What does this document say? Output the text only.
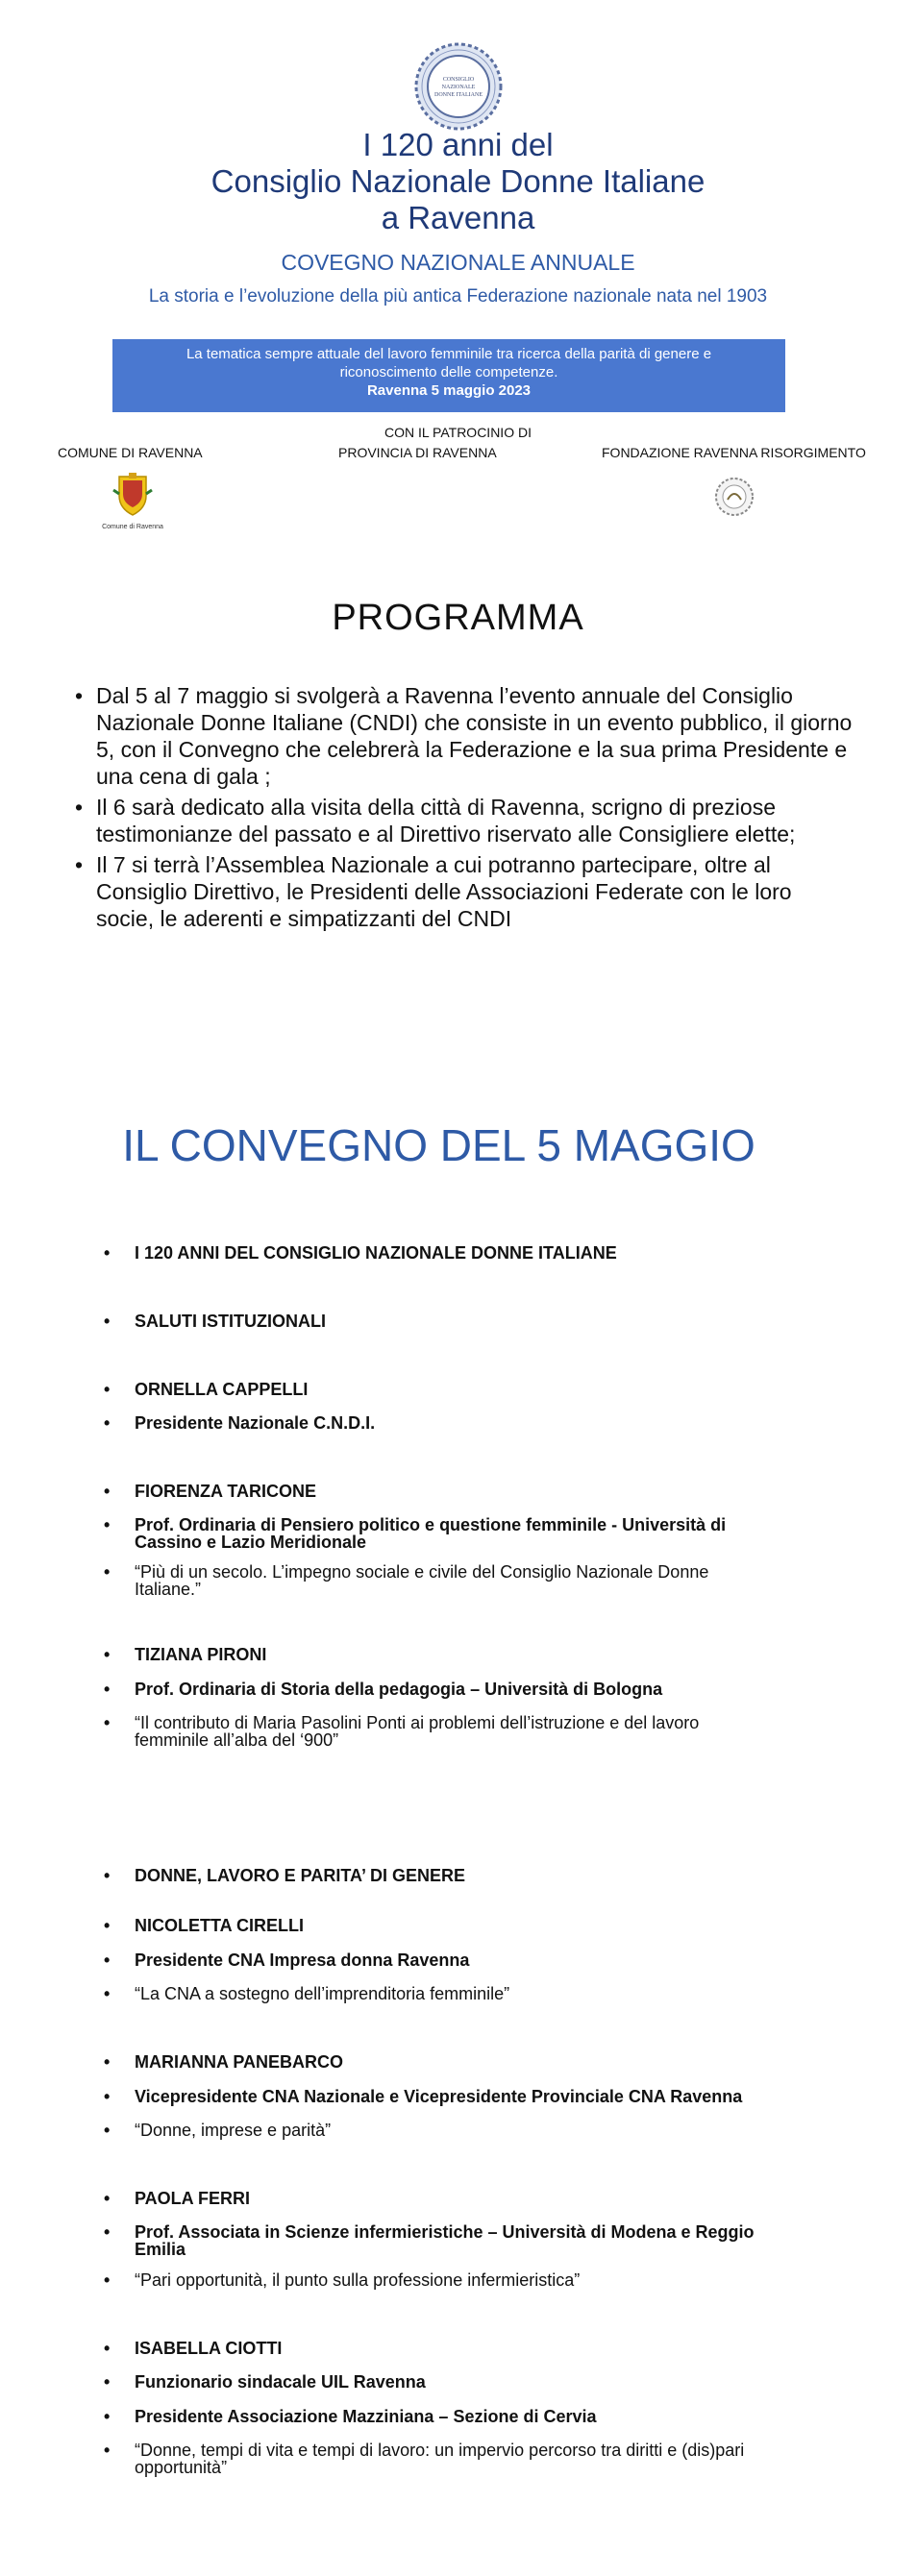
CONSIGLIO
NAZIONALE
DONNE ITALIANE
I 120 anni del
Consiglio Nazionale Donne Italiane
a Ravenna
COVEGNO NAZIONALE ANNUALE
La storia e l’evoluzione della più antica Federazione nazionale nata nel 1903
La tematica sempre attuale del lavoro femminile tra ricerca della parità di genere e
riconoscimento delle competenze.
Ravenna 5 maggio 2023
CON IL PATROCINIO DI
COMUNE DI RAVENNA	PROVINCIA DI RAVENNA	FONDAZIONE RAVENNA RISORGIMENTO
Comune di Ravenna
PROGRAMMA
• Dal 5 al 7 maggio si svolgerà a Ravenna l’evento annuale del Consiglio Nazionale Donne Italiane (CNDI) che consiste in un evento pubblico, il giorno 5, con il Convegno che celebrerà la Federazione e la sua prima Presidente e una cena di gala ;
• Il 6 sarà dedicato alla visita della città di Ravenna, scrigno di preziose testimonianze del passato e al Direttivo riservato alle Consigliere elette;
• Il 7 si terrà l’Assemblea Nazionale a cui potranno partecipare, oltre al Consiglio Direttivo, le Presidenti delle Associazioni Federate con le loro socie, le aderenti e simpatizzanti del CNDI
IL CONVEGNO DEL 5 MAGGIO
• I 120 ANNI DEL CONSIGLIO NAZIONALE DONNE ITALIANE
• SALUTI ISTITUZIONALI
• ORNELLA CAPPELLI
• Presidente Nazionale C.N.D.I.
• FIORENZA TARICONE
• Prof. Ordinaria di Pensiero politico e questione femminile - Università di Cassino e Lazio Meridionale
• “Più di un secolo. L’impegno sociale e civile del Consiglio Nazionale Donne Italiane.”
• TIZIANA PIRONI
• Prof. Ordinaria di Storia della pedagogia – Università di Bologna
• “Il contributo di Maria Pasolini Ponti ai problemi dell’istruzione e del lavoro femminile all’alba del ‘900”
• DONNE, LAVORO E PARITA’ DI GENERE
• NICOLETTA CIRELLI
• Presidente CNA Impresa donna Ravenna
• “La CNA a sostegno dell’imprenditoria femminile”
• MARIANNA PANEBARCO
• Vicepresidente CNA Nazionale e Vicepresidente Provinciale CNA Ravenna
• “Donne, imprese e parità”
• PAOLA FERRI
• Prof. Associata in Scienze infermieristiche – Università di Modena e Reggio Emilia
• “Pari opportunità, il punto sulla professione infermieristica”
• ISABELLA CIOTTI
• Funzionario sindacale UIL Ravenna
• Presidente Associazione Mazziniana – Sezione di Cervia
• “Donne, tempi di vita e tempi di lavoro: un impervio percorso tra diritti e (dis)pari opportunità”
